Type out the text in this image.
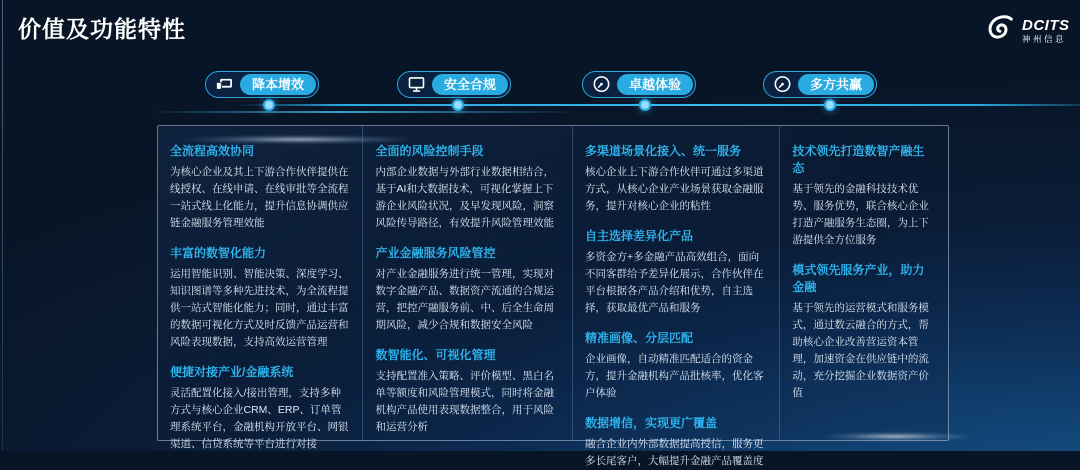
价值及功能特性	DCITS
神州信息
降本增效	安全合规	卓越体验	多方共赢
全流程高效协同

为核心企业及其上下游合作伙伴提供在线授权、在线申请、在线审批等全流程一站式线上化能力，提升信息协调供应链金融服务管理效能

丰富的数智化能力

运用智能识别、智能决策、深度学习、知识图谱等多种先进技术，为全流程提供一站式智能化能力；同时，通过丰富的数据可视化方式及时反馈产品运营和风险表现数据，支持高效运营管理

便捷对接产业/金融系统

灵活配置化接入/接出管理，支持多种方式与核心企业CRM、ERP、订单管理系统平台，金融机构开放平台、网银渠道、信贷系统等平台进行对接

全面的风险控制手段

内部企业数据与外部行业数据相结合，基于AI和大数据技术，可视化掌握上下游企业风险状况，及早发现风险，洞察风险传导路径，有效提升风险管理效能

产业金融服务风险管控

对产业金融服务进行统一管理，实现对数字金融产品、数据资产流通的合规运营，把控产融服务前、中、后全生命周期风险，减少合规和数据安全风险

数智能化、可视化管理

支持配置准入策略、评价模型、黑白名单等额度和风险管理模式，同时将金融机构产品使用表现数据整合，用于风险和运营分析

多渠道场景化接入、统一服务

核心企业上下游合作伙伴可通过多渠道方式，从核心企业产业场景获取金融服务，提升对核心企业的粘性

自主选择差异化产品

多资金方+多金融产品高效组合，面向不同客群给予差异化展示，合作伙伴在平台根据各产品介绍和优势，自主选择，获取最优产品和服务

精准画像、分层匹配

企业画像，自动精准匹配适合的资金方，提升金融机构产品批核率，优化客户体验

数据增信，实现更广覆盖

融合企业内外部数据提高授信，服务更多长尾客户，大幅提升金融产品覆盖度

技术领先打造数智产融生态

基于领先的金融科技技术优势、服务优势，联合核心企业打造产融服务生态圈，为上下游提供全方位服务

模式领先服务产业，助力金融

基于领先的运营模式和服务模式，通过数云融合的方式，帮助核心企业改善营运资本管理，加速资金在供应链中的流动，充分挖掘企业数据资产价值
